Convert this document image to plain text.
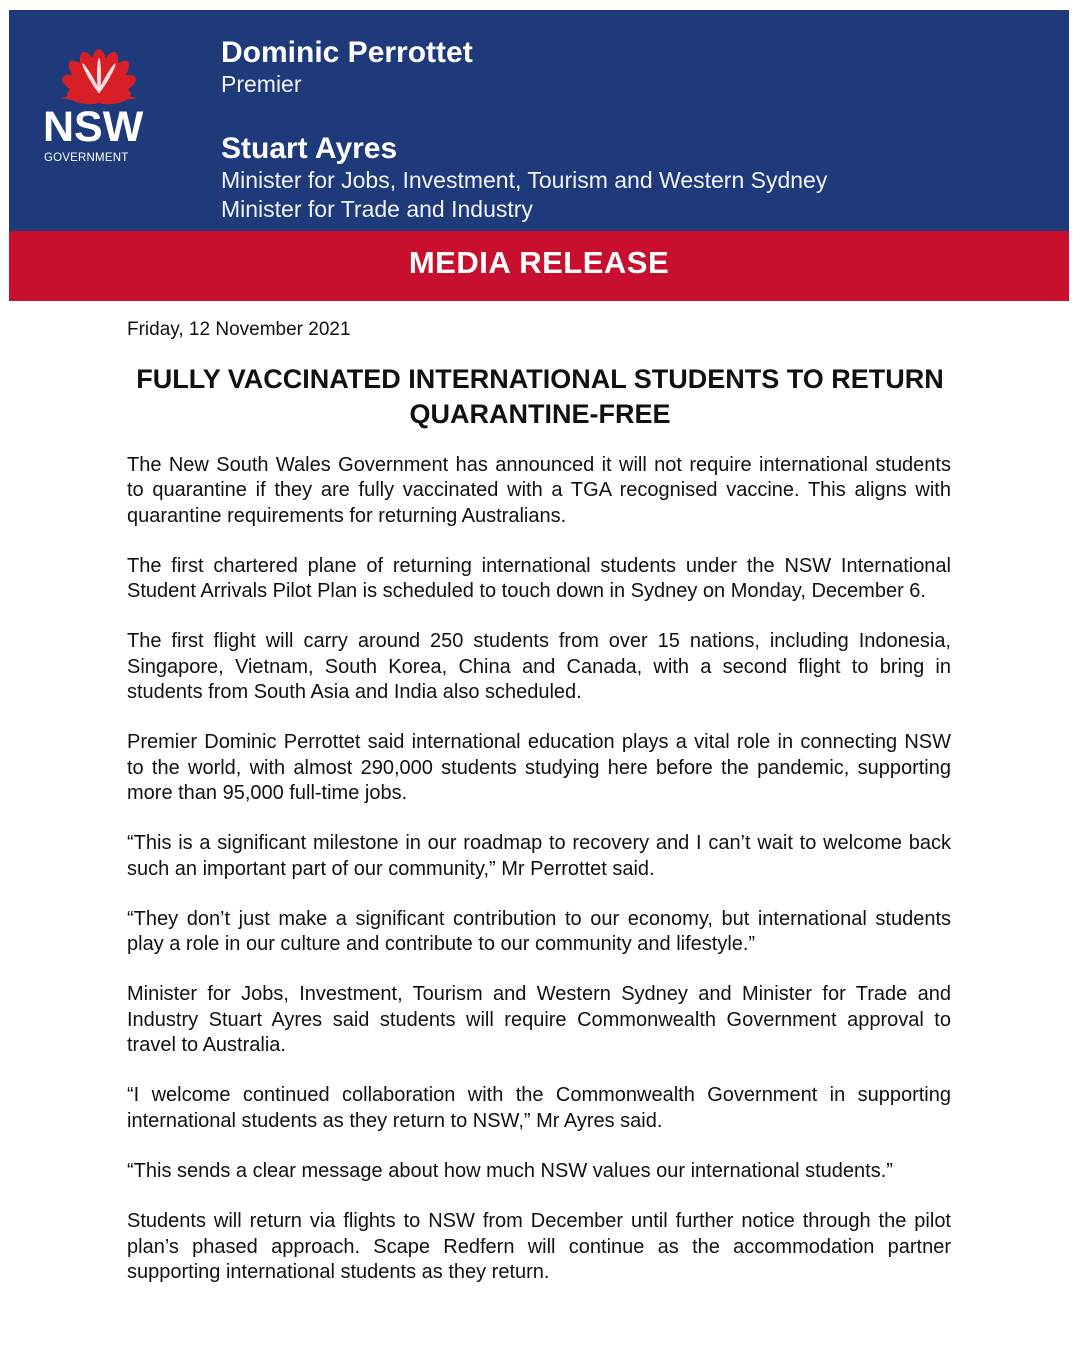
NSW
GOVERNMENT

Dominic Perrottet

Premier

Stuart Ayres

Minister for Jobs, Investment, Tourism and Western Sydney

Minister for Trade and Industry

MEDIA RELEASE
Friday, 12 November 2021
FULLY VACCINATED INTERNATIONAL STUDENTS TO RETURN QUARANTINE-FREE

The New South Wales Government has announced it will not require international students to quarantine if they are fully vaccinated with a TGA recognised vaccine. This aligns with quarantine requirements for returning Australians.

The first chartered plane of returning international students under the NSW International Student Arrivals Pilot Plan is scheduled to touch down in Sydney on Monday, December 6.

The first flight will carry around 250 students from over 15 nations, including Indonesia, Singapore, Vietnam, South Korea, China and Canada, with a second flight to bring in students from South Asia and India also scheduled.

Premier Dominic Perrottet said international education plays a vital role in connecting NSW to the world, with almost 290,000 students studying here before the pandemic, supporting more than 95,000 full-time jobs.

“This is a significant milestone in our roadmap to recovery and I can’t wait to welcome back such an important part of our community,” Mr Perrottet said.

“They don’t just make a significant contribution to our economy, but international students play a role in our culture and contribute to our community and lifestyle.”

Minister for Jobs, Investment, Tourism and Western Sydney and Minister for Trade and Industry Stuart Ayres said students will require Commonwealth Government approval to travel to Australia.

“I welcome continued collaboration with the Commonwealth Government in supporting international students as they return to NSW,” Mr Ayres said.

“This sends a clear message about how much NSW values our international students.”

Students will return via flights to NSW from December until further notice through the pilot plan’s phased approach. Scape Redfern will continue as the accommodation partner supporting international students as they return.
